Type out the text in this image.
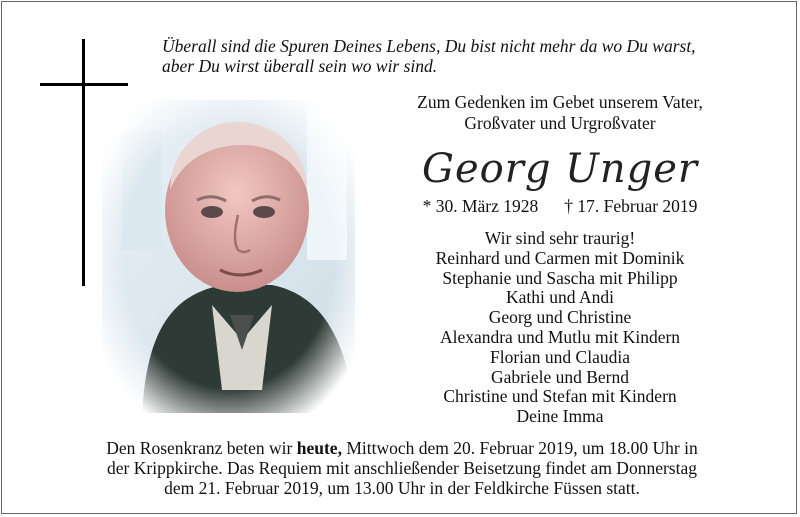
Überall sind die Spuren Deines Lebens, Du bist nicht mehr da wo Du warst,
aber Du wirst überall sein wo wir sind.
Zum Gedenken im Gebet unserem Vater,
Großvater und Urgroßvater
Georg Unger
* 30. März 1928 † 17. Februar 2019
Wir sind sehr traurig!
Reinhard und Carmen mit Dominik
Stephanie und Sascha mit Philipp
Kathi und Andi
Georg und Christine
Alexandra und Mutlu mit Kindern
Florian und Claudia
Gabriele und Bernd
Christine und Stefan mit Kindern
Deine Imma
Den Rosenkranz beten wir heute, Mittwoch dem 20. Februar 2019, um 18.00 Uhr in
der Krippkirche. Das Requiem mit anschließender Beisetzung findet am Donnerstag
dem 21. Februar 2019, um 13.00 Uhr in der Feldkirche Füssen statt.
